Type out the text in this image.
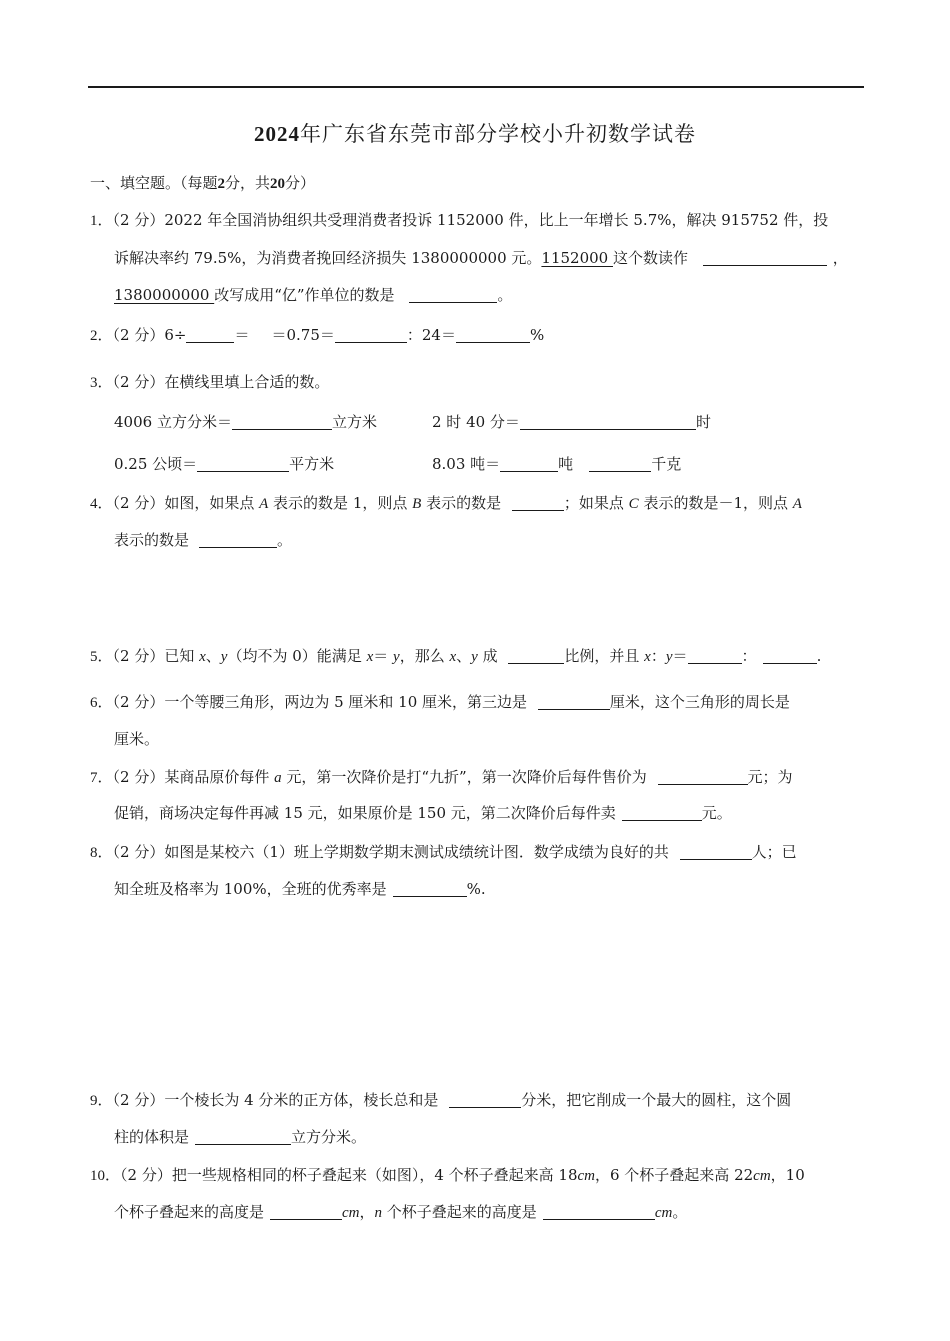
2024年广东省东莞市部分学校小升初数学试卷
一、填空题。（每题2分，共20分）
1．（2 分）2022 年全国消协组织共受理消费者投诉 1152000 件，比上一年增长 5.7%，解决 915752 件，投
诉解决率约 79.5%，为消费者挽回经济损失 1380000000 元。1152000 这个数读作	，
1380000000 改写成用“亿”作单位的数是	。
2．（2 分）6÷	＝ ＝0.75＝	：24＝	%
3．（2 分）在横线里填上合适的数。
4006 立方分米＝	立方米	2 时 40 分＝	时
0.25 公顷＝	平方米	8.03 吨＝	吨	千克
4．（2 分）如图，如果点 A 表示的数是 1，则点 B 表示的数是	；如果点 C 表示的数是－1，则点 A
表示的数是	。
5．（2 分）已知 x、y（均不为 0）能满足 x＝ y，那么 x、y 成	比例，并且 x：y＝	：	.
6．（2 分）一个等腰三角形，两边为 5 厘米和 10 厘米，第三边是	厘米，这个三角形的周长是
厘米。
7．（2 分）某商品原价每件 a 元，第一次降价是打“九折”，第一次降价后每件售价为	元；为
促销，商场决定每件再减 15 元，如果原价是 150 元，第二次降价后每件卖	元。
8．（2 分）如图是某校六（1）班上学期数学期末测试成绩统计图．数学成绩为良好的共	人；已
知全班及格率为 100%，全班的优秀率是	%.
9．（2 分）一个棱长为 4 分米的正方体，棱长总和是	分米，把它削成一个最大的圆柱，这个圆
柱的体积是	立方分米。
10．（2 分）把一些规格相同的杯子叠起来（如图），4 个杯子叠起来高 18cm，6 个杯子叠起来高 22cm，10
个杯子叠起来的高度是	cm，n 个杯子叠起来的高度是	cm。
